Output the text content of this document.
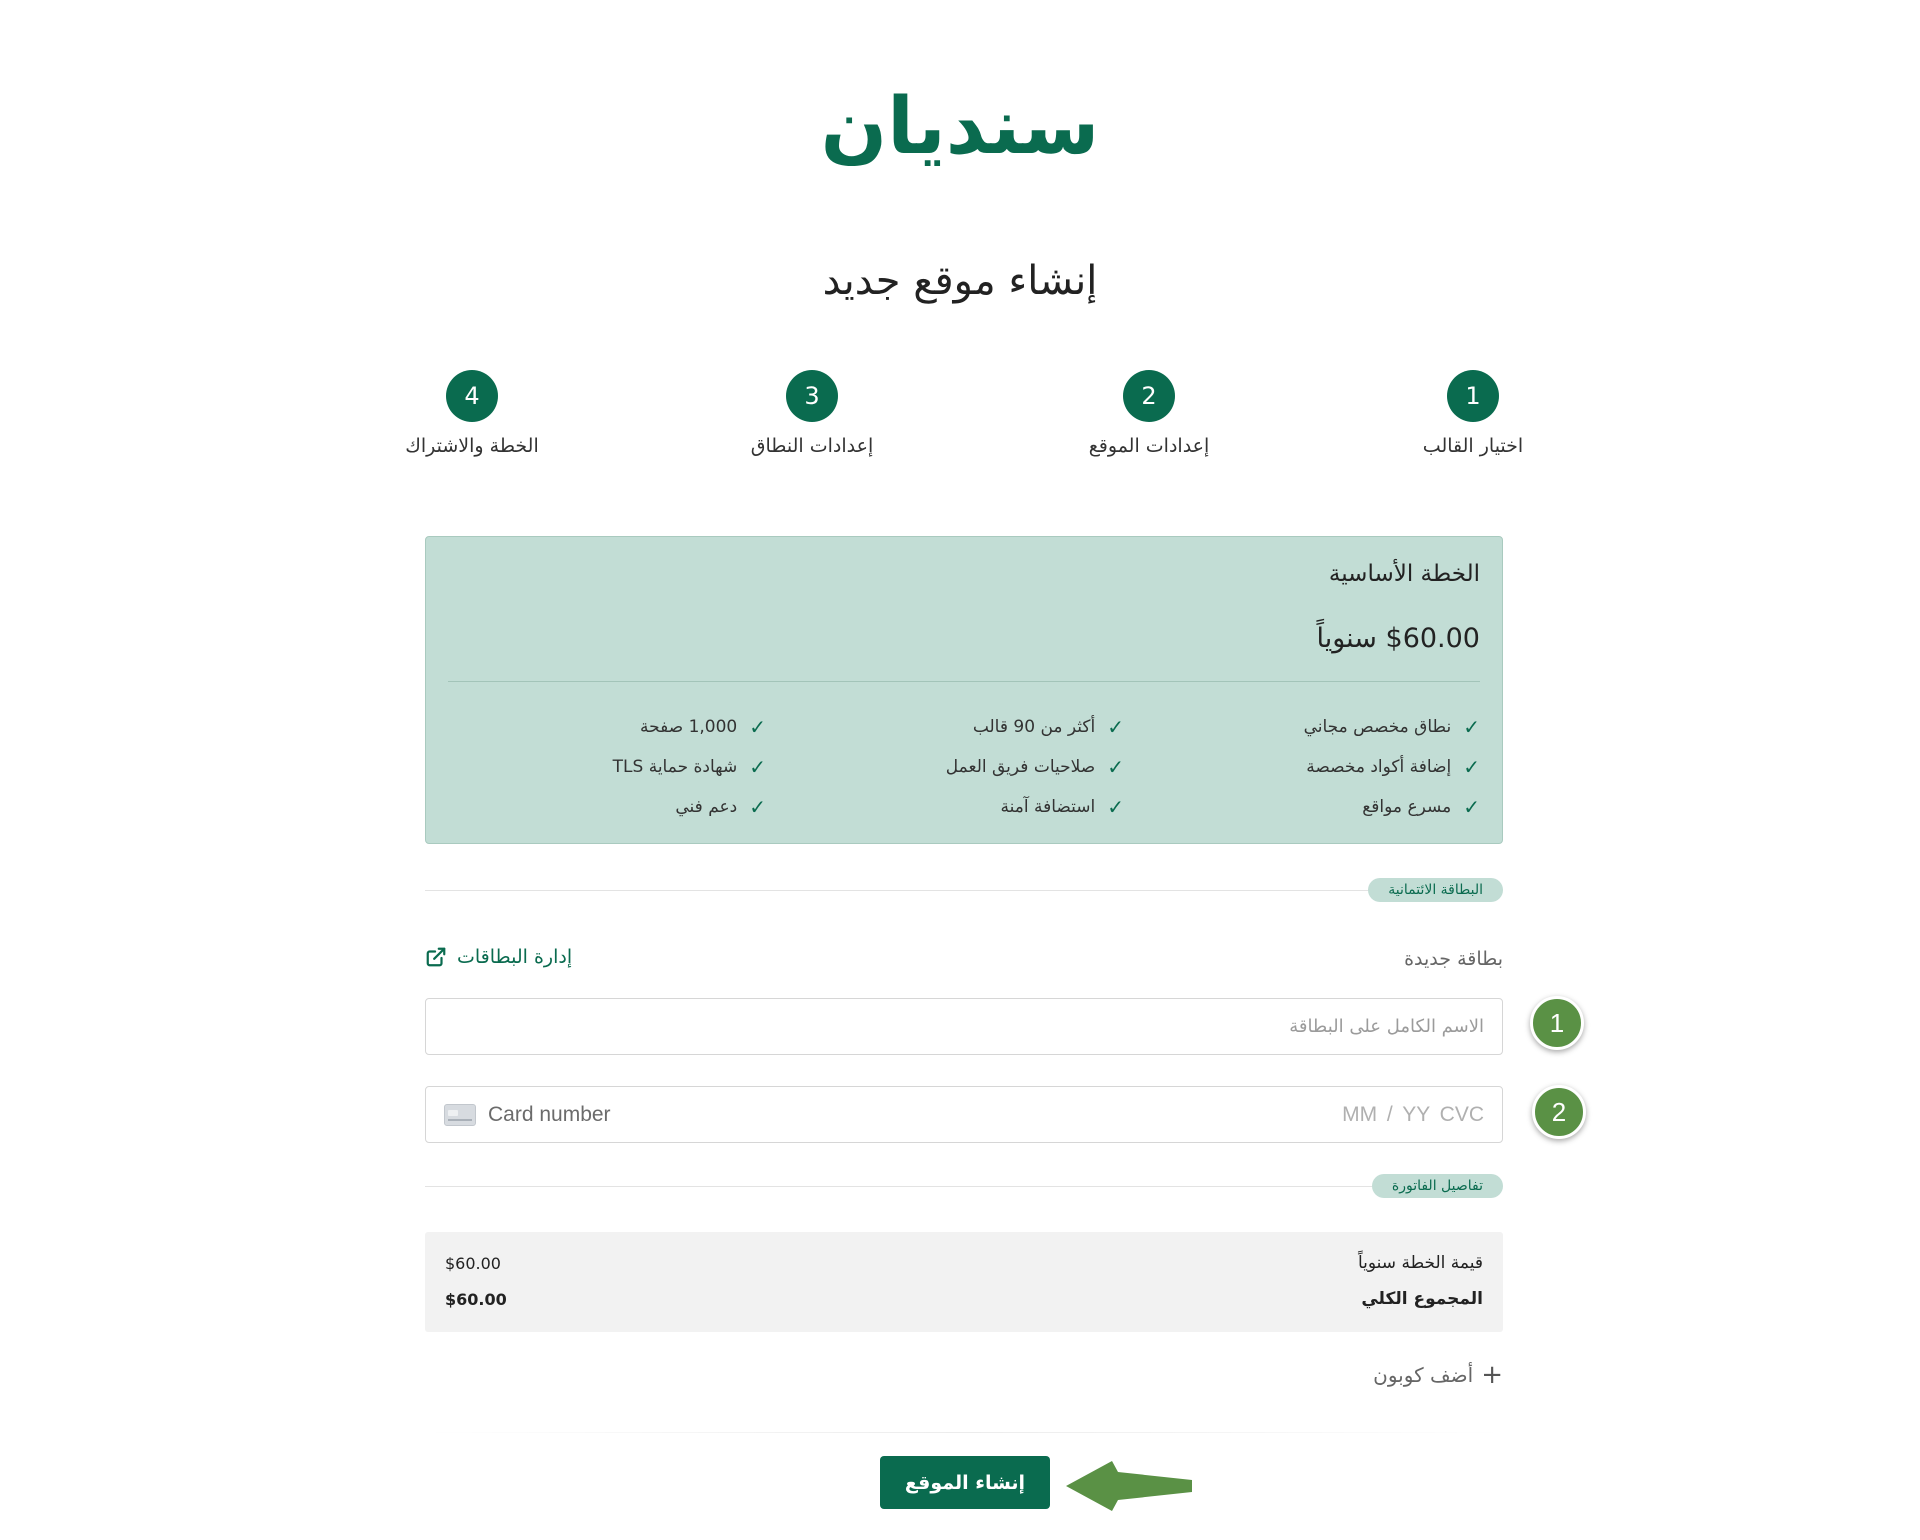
سنديان
إنشاء موقع جديد
1
اختيار القالب
2
إعدادات الموقع
3
إعدادات النطاق
4
الخطة والاشتراك
الخطة الأساسية
$60.00 سنوياً
✓
نطاق مخصص مجاني
✓
إضافة أكواد مخصصة
✓
مسرع مواقع
✓
أكثر من 90 قالب
✓
صلاحيات فريق العمل
✓
استضافة آمنة
✓
1,000 صفحة
✓
شهادة حماية TLS
✓
دعم فني
البطاقة الائتمانية
بطاقة جديدة
إدارة البطاقات
الاسم الكامل على البطاقة
Card number	MM / YY CVC
1
2
تفاصيل الفاتورة
قيمة الخطة سنوياً
$60.00
المجموع الكلي
$60.00
+
أضف كوبون
إنشاء الموقع
